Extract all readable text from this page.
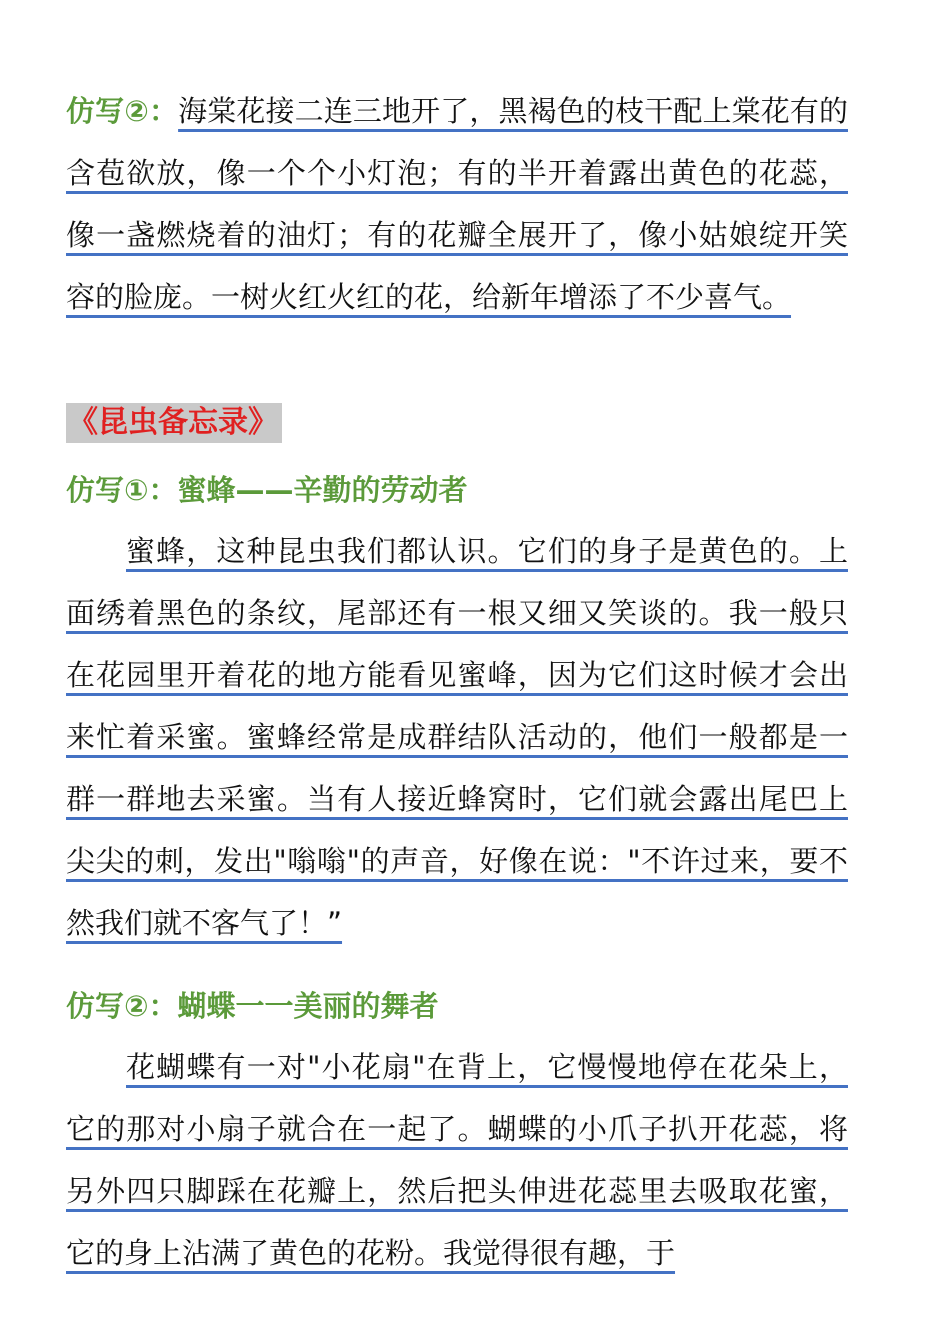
仿写②：海棠花接二连三地开了，黑褐色的枝干配上棠花有的含苞欲放，像一个个小灯泡；有的半开着露出黄色的花蕊，像一盏燃烧着的油灯；有的花瓣全展开了，像小姑娘绽开笑容的脸庞。一树火红火红的花，给新年增添了不少喜气。

《昆虫备忘录》

仿写①：蜜蜂——辛勤的劳动者

蜜蜂，这种昆虫我们都认识。它们的身子是黄色的。上面绣着黑色的条纹，尾部还有一根又细又笑谈的。我一般只在花园里开着花的地方能看见蜜峰，因为它们这时候才会出来忙着采蜜。蜜蜂经常是成群结队活动的，他们一般都是一群一群地去采蜜。当有人接近蜂窝时，它们就会露出尾巴上尖尖的刺，发出"嗡嗡"的声音，好像在说："不许过来，要不然我们就不客气了！”

仿写②：蝴蝶一一美丽的舞者

花蝴蝶有一对"小花扇"在背上，它慢慢地停在花朵上，它的那对小扇子就合在一起了。蝴蝶的小爪子扒开花蕊，将另外四只脚踩在花瓣上，然后把头伸进花蕊里去吸取花蜜，它的身上沾满了黄色的花粉。我觉得很有趣，于
